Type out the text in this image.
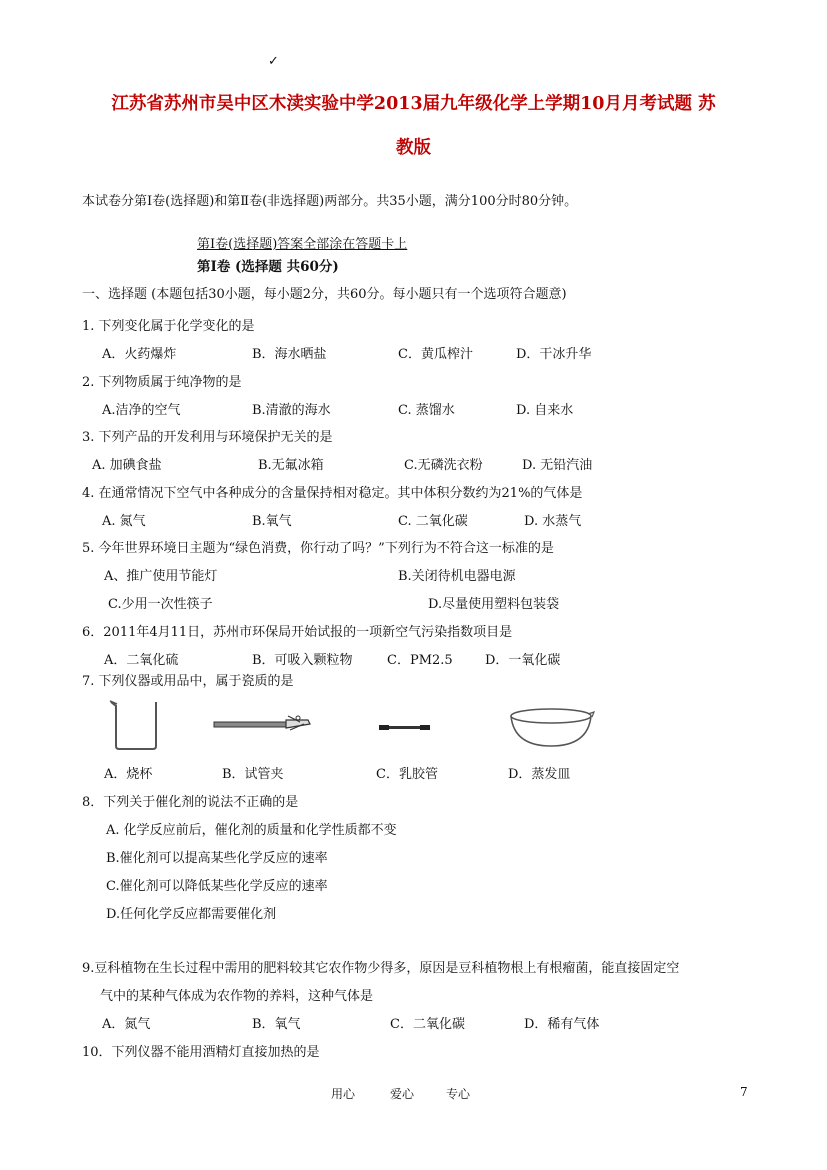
✓
江苏省苏州市吴中区木渎实验中学2013届九年级化学上学期10月月考试题 苏
教版
本试卷分第Ⅰ卷(选择题)和第Ⅱ卷(非选择题)两部分。共35小题，满分100分时80分钟。
第Ⅰ卷(选择题)答案全部涂在答题卡上
第Ⅰ卷 (选择题 共60分)
一、选择题 (本题包括30小题，每小题2分，共60分。每小题只有一个选项符合题意)
1. 下列变化属于化学变化的是
A．火药爆炸	B．海水晒盐	C．黄瓜榨汁	D．干冰升华
2. 下列物质属于纯净物的是
A.洁净的空气	B.清澈的海水	C. 蒸馏水	D. 自来水
3. 下列产品的开发利用与环境保护无关的是
A. 加碘食盐	B.无氟冰箱	C.无磷洗衣粉	D. 无铅汽油
4. 在通常情况下空气中各种成分的含量保持相对稳定。其中体积分数约为21%的气体是
A. 氮气	B.氧气	C. 二氧化碳	D. 水蒸气
5. 今年世界环境日主题为“绿色消费，你行动了吗？”下列行为不符合这一标准的是
A、推广使用节能灯	B.关闭待机电器电源
C.少用一次性筷子	D.尽量使用塑料包装袋
6．2011年4月11日，苏州市环保局开始试报的一项新空气污染指数项目是
A．二氧化硫	B．可吸入颗粒物	C．PM2.5 D．一氧化碳
7. 下列仪器或用品中，属于瓷质的是
A．烧杯	B．试管夹	C．乳胶管	D．蒸发皿
8．下列关于催化剂的说法不正确的是
A. 化学反应前后，催化剂的质量和化学性质都不变
B.催化剂可以提高某些化学反应的速率
C.催化剂可以降低某些化学反应的速率
D.任何化学反应都需要催化剂
9.豆科植物在生长过程中需用的肥料较其它农作物少得多，原因是豆科植物根上有根瘤菌，能直接固定空
气中的某种气体成为农作物的养料，这种气体是
A．氮气	B．氧气	C．二氧化碳	D．稀有气体
10．下列仪器不能用酒精灯直接加热的是
用心	爱心	专心	7
